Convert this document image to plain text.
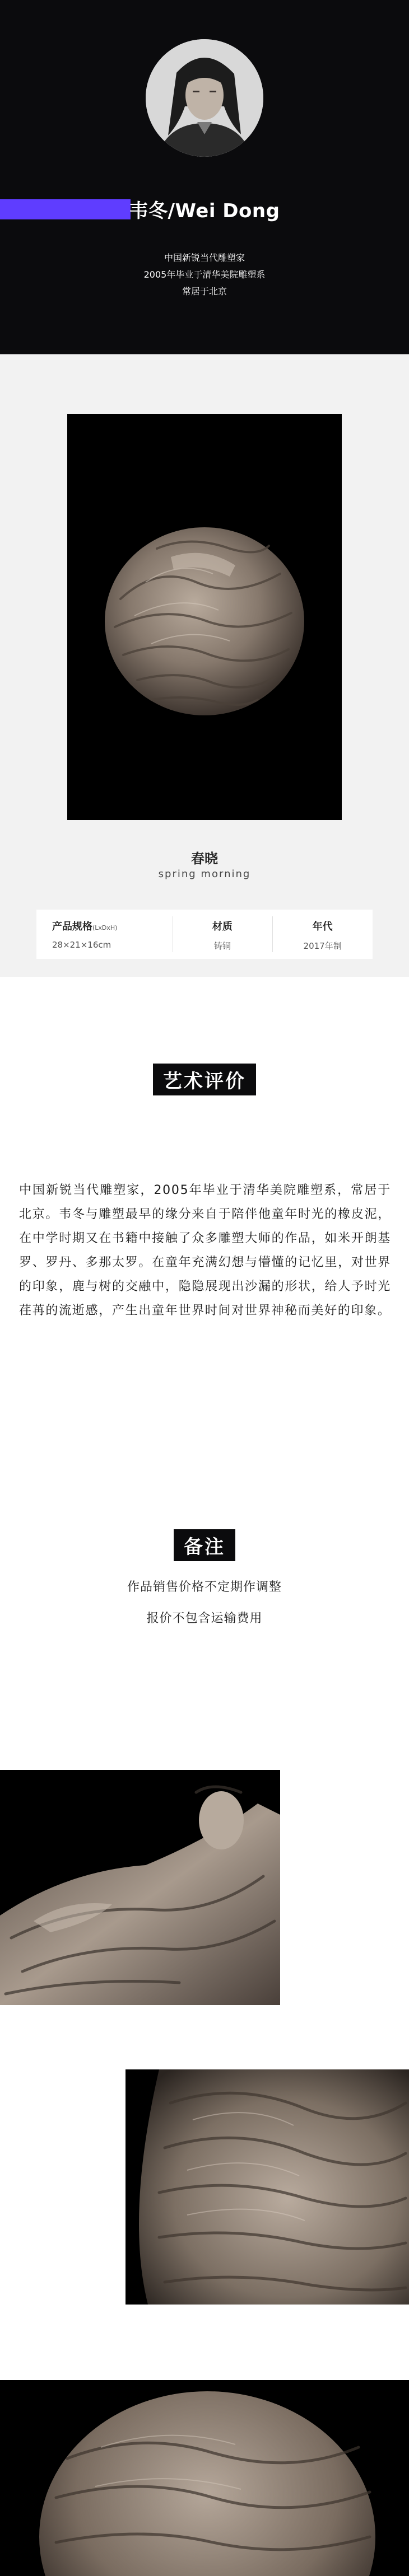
韦冬/Wei Dong
中国新锐当代雕塑家
2005年毕业于清华美院雕塑系
常居于北京
春晓
spring morning
产品规格(LxDxH)
28×21×16cm
材质
铸铜
年代
2017年制
艺术评价
中国新锐当代雕塑家，2005年毕业于清华美院雕塑系，常居于北京。韦冬与雕塑最早的缘分来自于陪伴他童年时光的橡皮泥，在中学时期又在书籍中接触了众多雕塑大师的作品，如米开朗基罗、罗丹、多那太罗。在童年充满幻想与懵懂的记忆里，对世界的印象，鹿与树的交融中，隐隐展现出沙漏的形状，给人予时光荏苒的流逝感，产生出童年世界时间对世界神秘而美好的印象。
备注
作品销售价格不定期作调整
报价不包含运输费用
